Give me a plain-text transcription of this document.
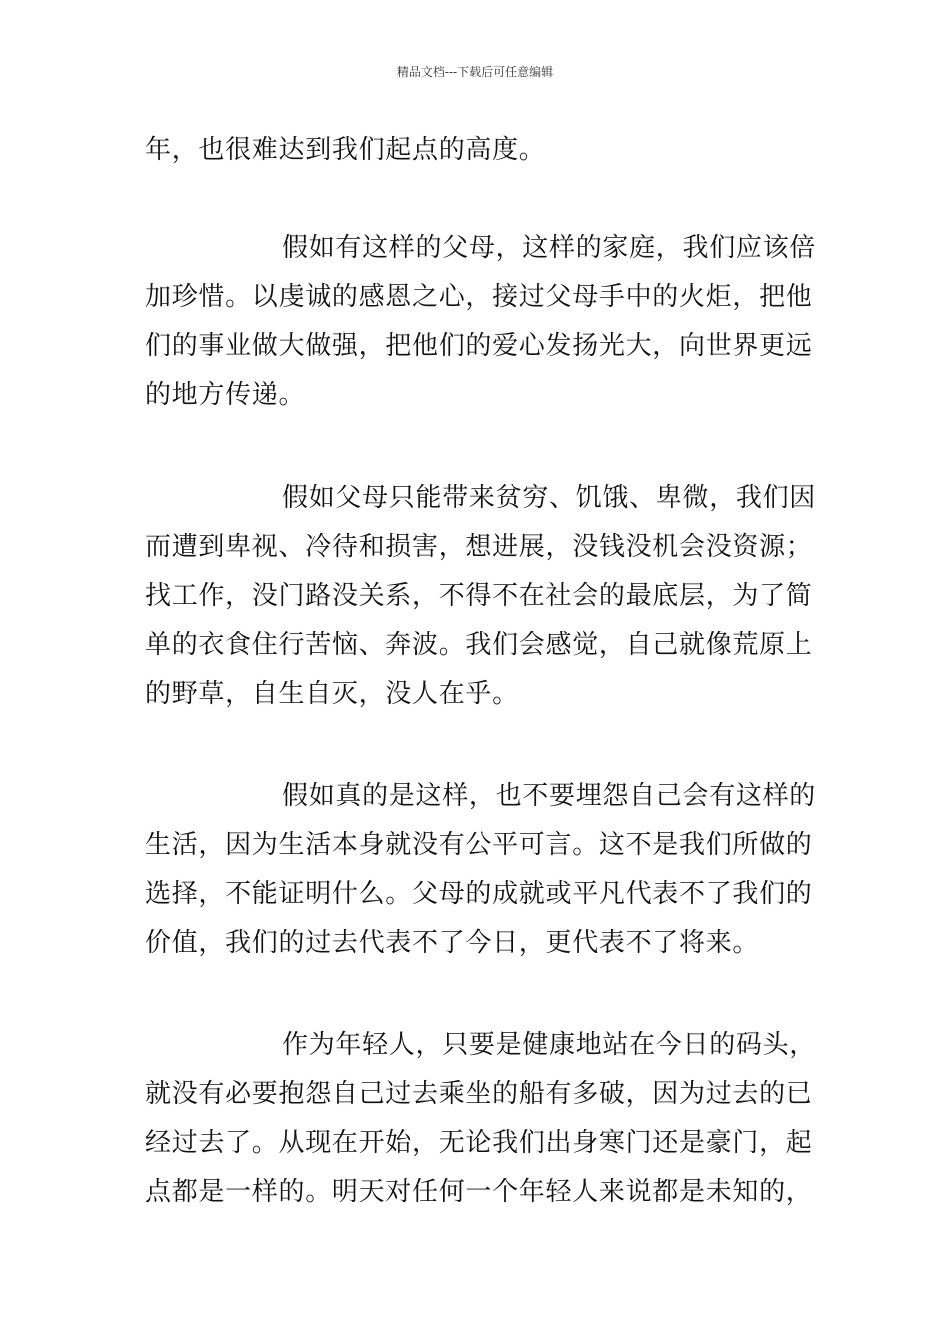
精品文档---下载后可任意编辑
年，也很难达到我们起点的高度。
假如有这样的父母，这样的家庭，我们应该倍
加珍惜。以虔诚的感恩之心，接过父母手中的火炬，把他
们的事业做大做强，把他们的爱心发扬光大，向世界更远
的地方传递。
假如父母只能带来贫穷、饥饿、卑微，我们因
而遭到卑视、冷待和损害，想进展，没钱没机会没资源；
找工作，没门路没关系，不得不在社会的最底层，为了简
单的衣食住行苦恼、奔波。我们会感觉，自己就像荒原上
的野草，自生自灭，没人在乎。
假如真的是这样，也不要埋怨自己会有这样的
生活，因为生活本身就没有公平可言。这不是我们所做的
选择，不能证明什么。父母的成就或平凡代表不了我们的
价值，我们的过去代表不了今日，更代表不了将来。
作为年轻人，只要是健康地站在今日的码头，
就没有必要抱怨自己过去乘坐的船有多破，因为过去的已
经过去了。从现在开始，无论我们出身寒门还是豪门，起
点都是一样的。明天对任何一个年轻人来说都是未知的，
